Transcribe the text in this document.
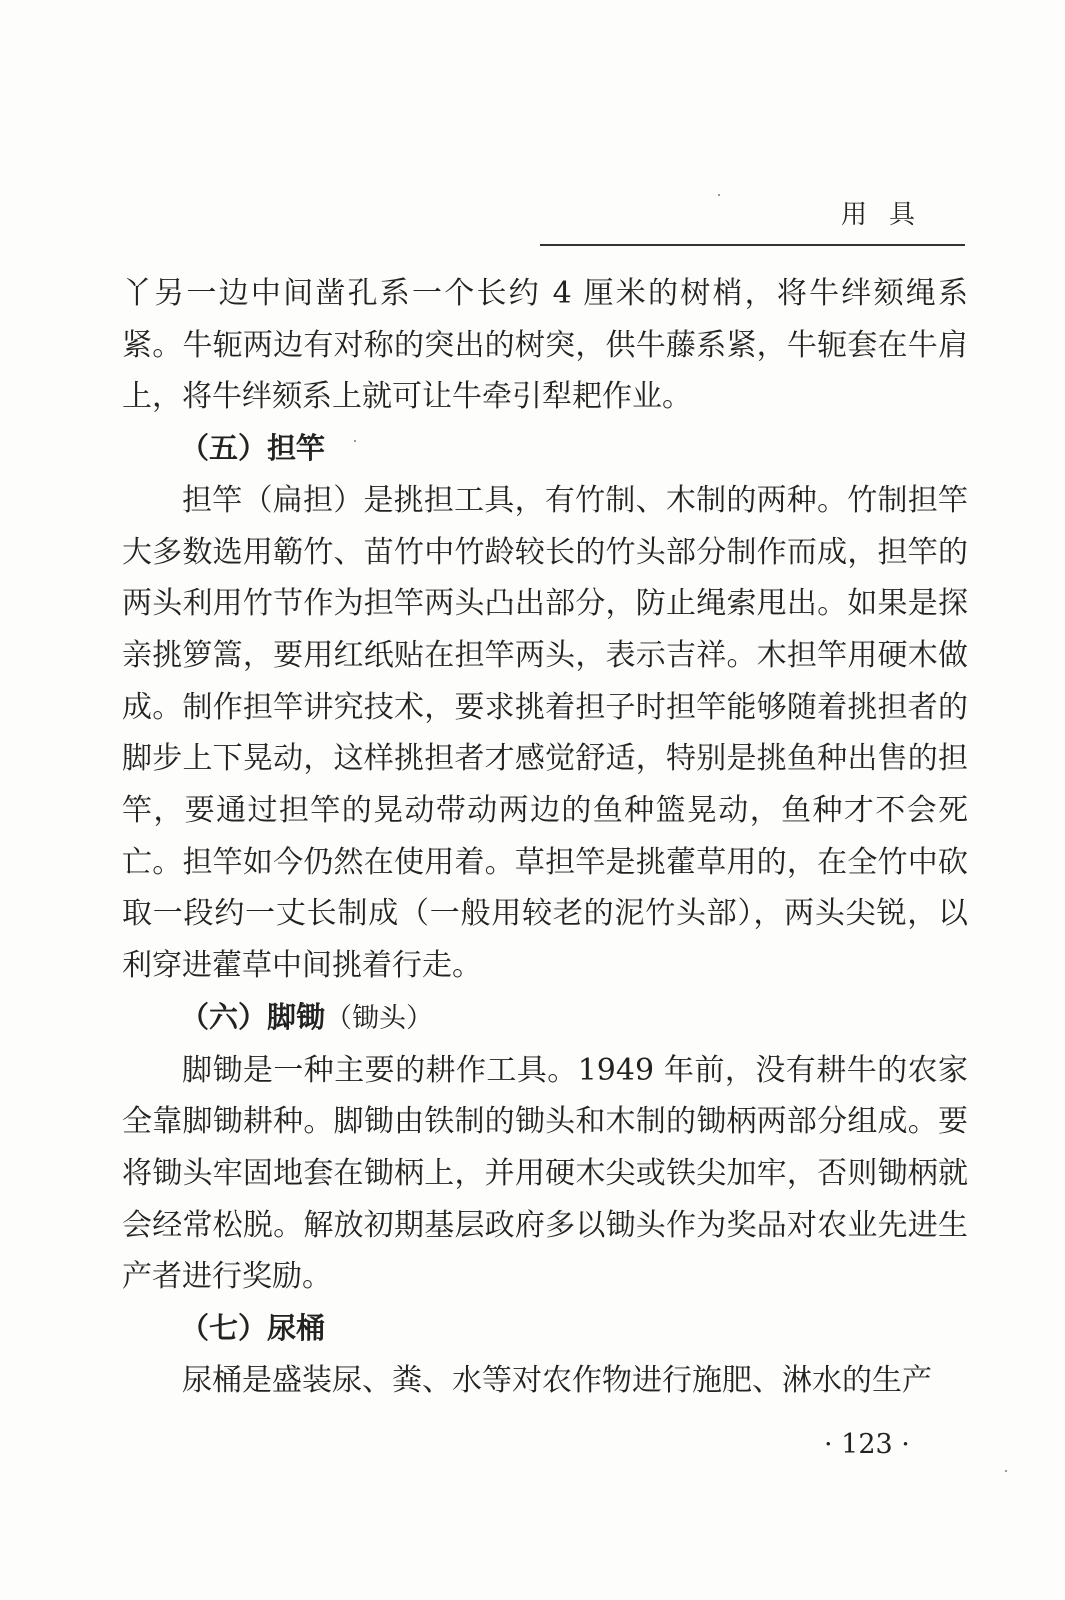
用具

丫另一边中间凿孔系一个长约 4 厘米的树梢，将牛绊颏绳系紧。牛轭两边有对称的突出的树突，供牛藤系紧，牛轭套在牛肩上，将牛绊颏系上就可让牛牵引犁耙作业。

（五）担竿

担竿（扁担）是挑担工具，有竹制、木制的两种。竹制担竿大多数选用簕竹、苗竹中竹龄较长的竹头部分制作而成，担竿的两头利用竹节作为担竿两头凸出部分，防止绳索甩出。如果是探亲挑箩篙，要用红纸贴在担竿两头，表示吉祥。木担竿用硬木做成。制作担竿讲究技术，要求挑着担子时担竿能够随着挑担者的脚步上下晃动，这样挑担者才感觉舒适，特别是挑鱼种出售的担竿，要通过担竿的晃动带动两边的鱼种篮晃动，鱼种才不会死亡。担竿如今仍然在使用着。草担竿是挑藿草用的，在全竹中砍取一段约一丈长制成（一般用较老的泥竹头部），两头尖锐，以利穿进藿草中间挑着行走。

（六）脚锄（锄头）

脚锄是一种主要的耕作工具。1949 年前，没有耕牛的农家全靠脚锄耕种。脚锄由铁制的锄头和木制的锄柄两部分组成。要将锄头牢固地套在锄柄上，并用硬木尖或铁尖加牢，否则锄柄就会经常松脱。解放初期基层政府多以锄头作为奖品对农业先进生产者进行奖励。

（七）尿桶

尿桶是盛装尿、粪、水等对农作物进行施肥、淋水的生产

· 123 ·
